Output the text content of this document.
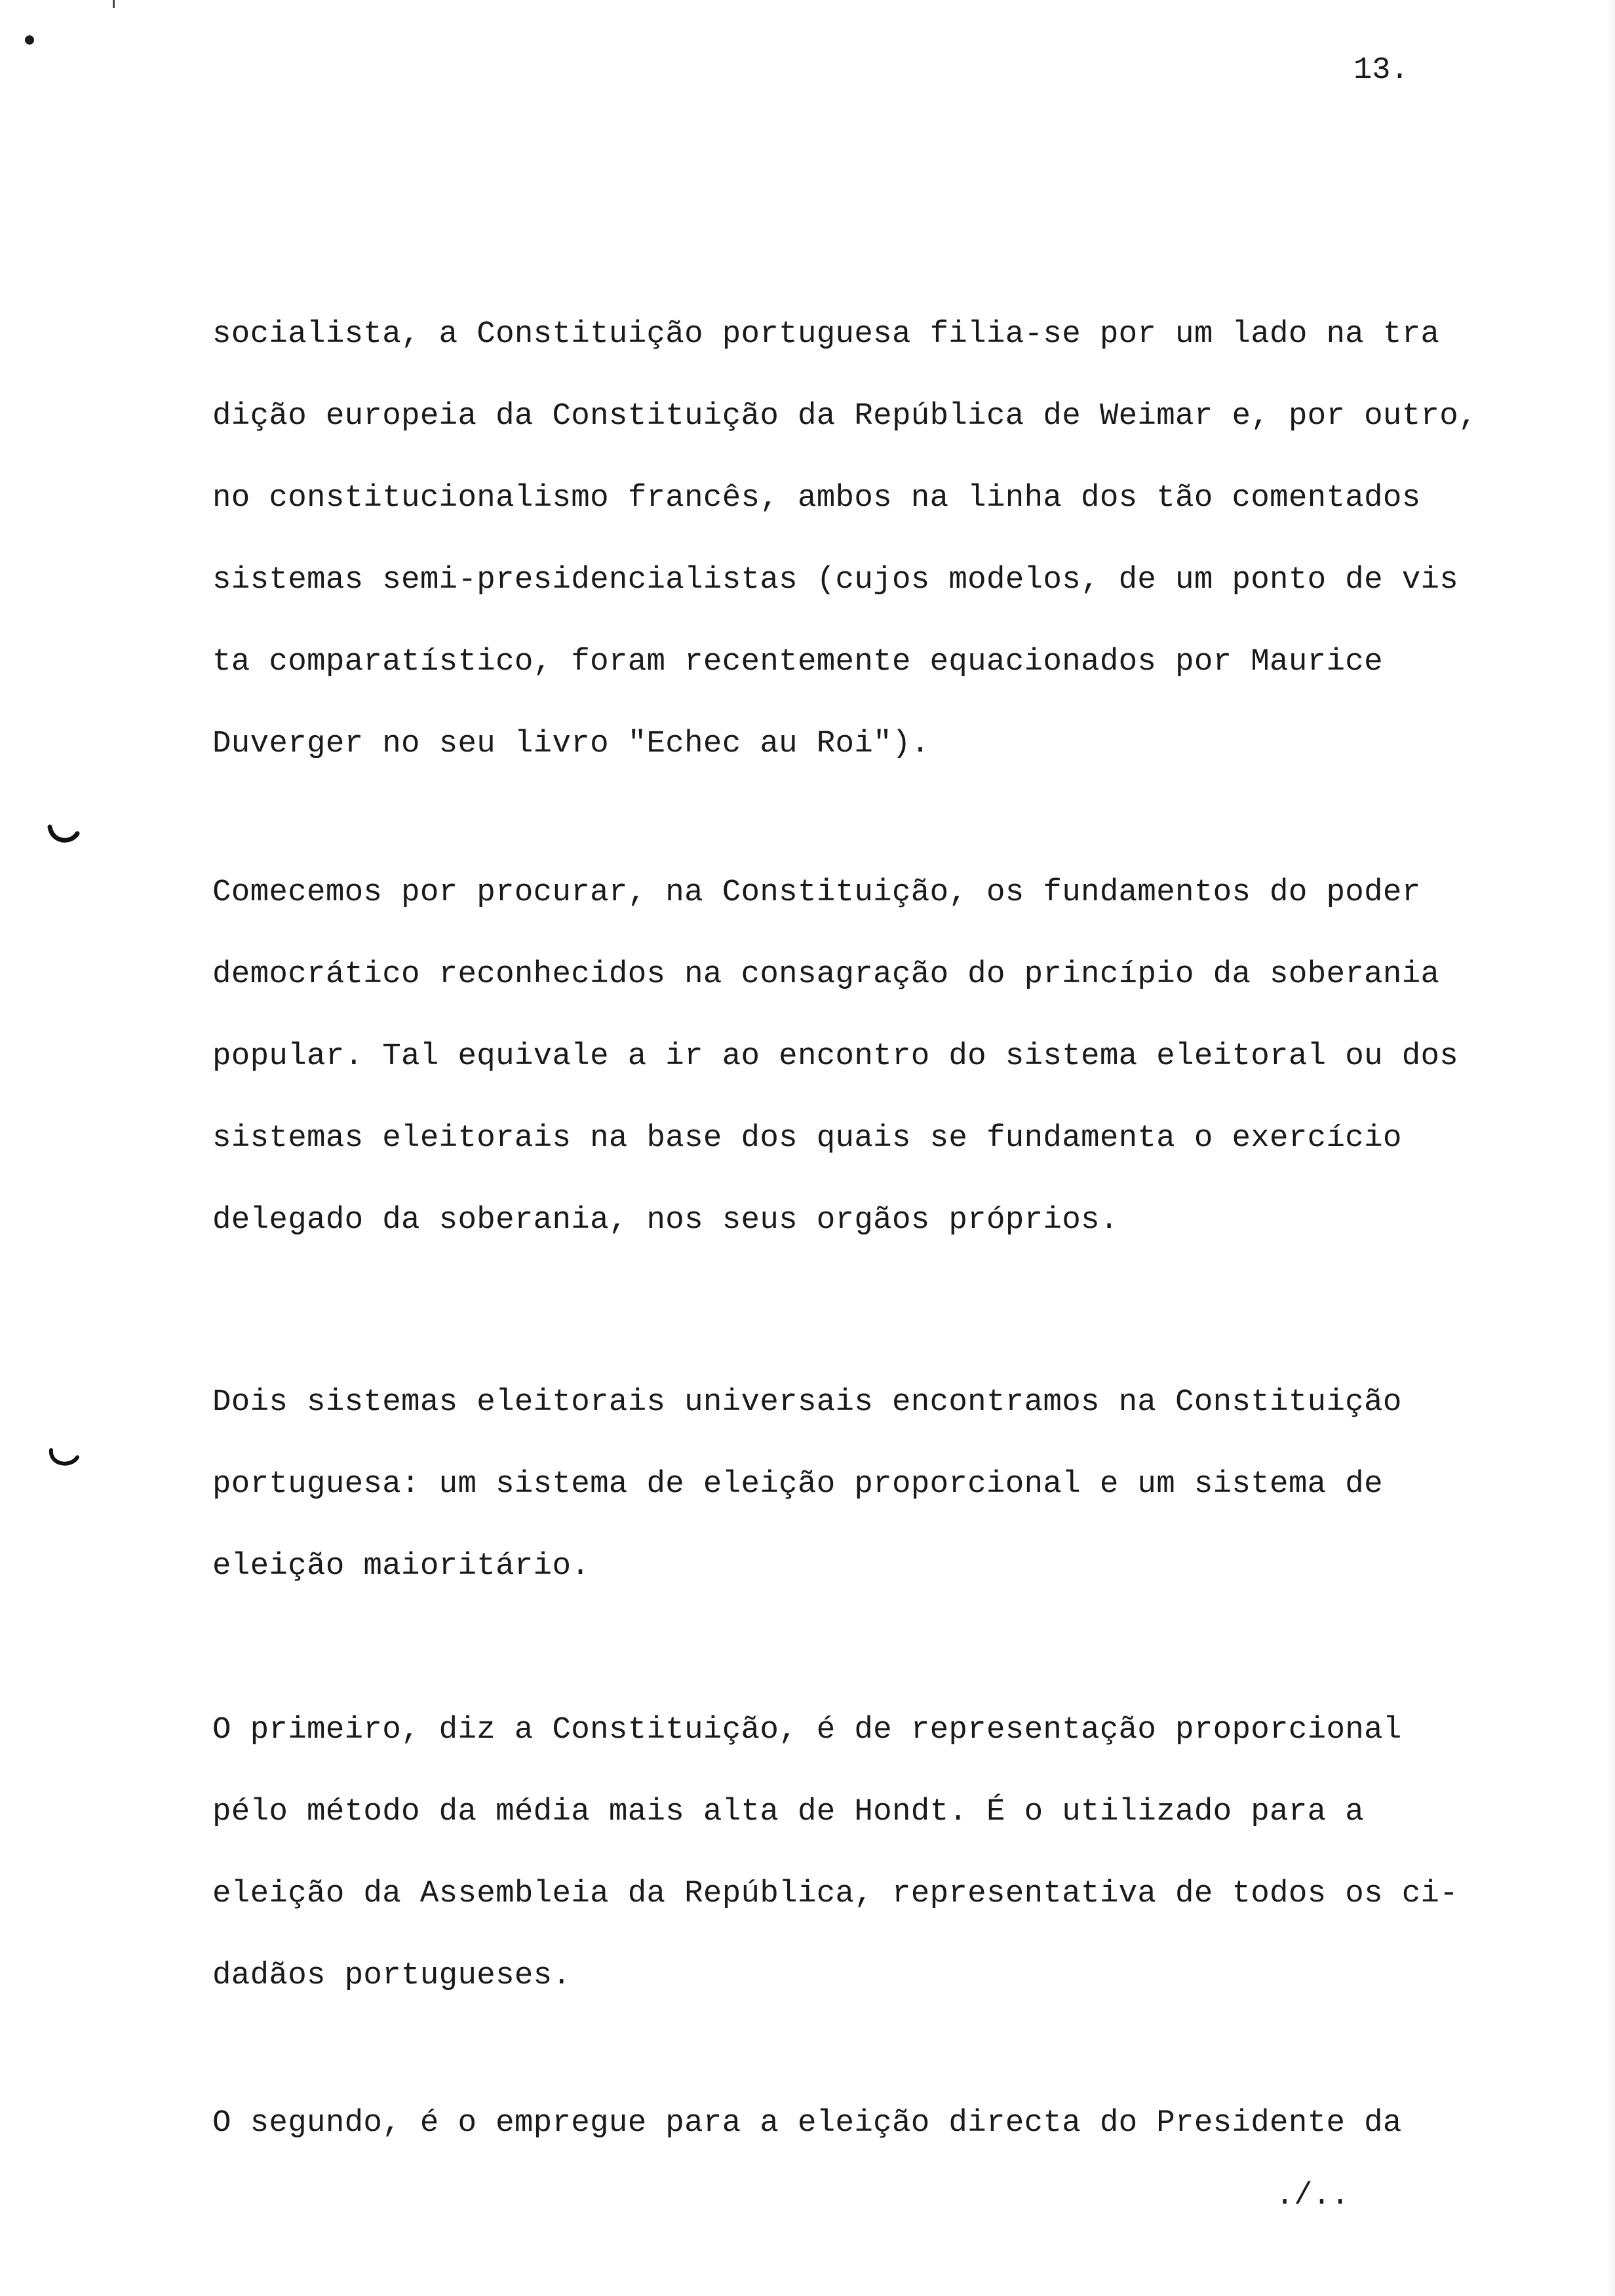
13.
socialista, a Constituição portuguesa filia-se por um lado na tra
dição europeia da Constituição da República de Weimar e, por outro,
no constitucionalismo francês, ambos na linha dos tão comentados
sistemas semi-presidencialistas (cujos modelos, de um ponto de vis
ta comparatístico, foram recentemente equacionados por Maurice
Duverger no seu livro "Echec au Roi").
Comecemos por procurar, na Constituição, os fundamentos do poder
democrático reconhecidos na consagração do princípio da soberania
popular. Tal equivale a ir ao encontro do sistema eleitoral ou dos
sistemas eleitorais na base dos quais se fundamenta o exercício
delegado da soberania, nos seus orgãos próprios.
Dois sistemas eleitorais universais encontramos na Constituição
portuguesa: um sistema de eleição proporcional e um sistema de
eleição maioritário.
O primeiro, diz a Constituição, é de representação proporcional
pélo método da média mais alta de Hondt. É o utilizado para a
eleição da Assembleia da República, representativa de todos os ci-
dadãos portugueses.
O segundo, é o empregue para a eleição directa do Presidente da
./..
